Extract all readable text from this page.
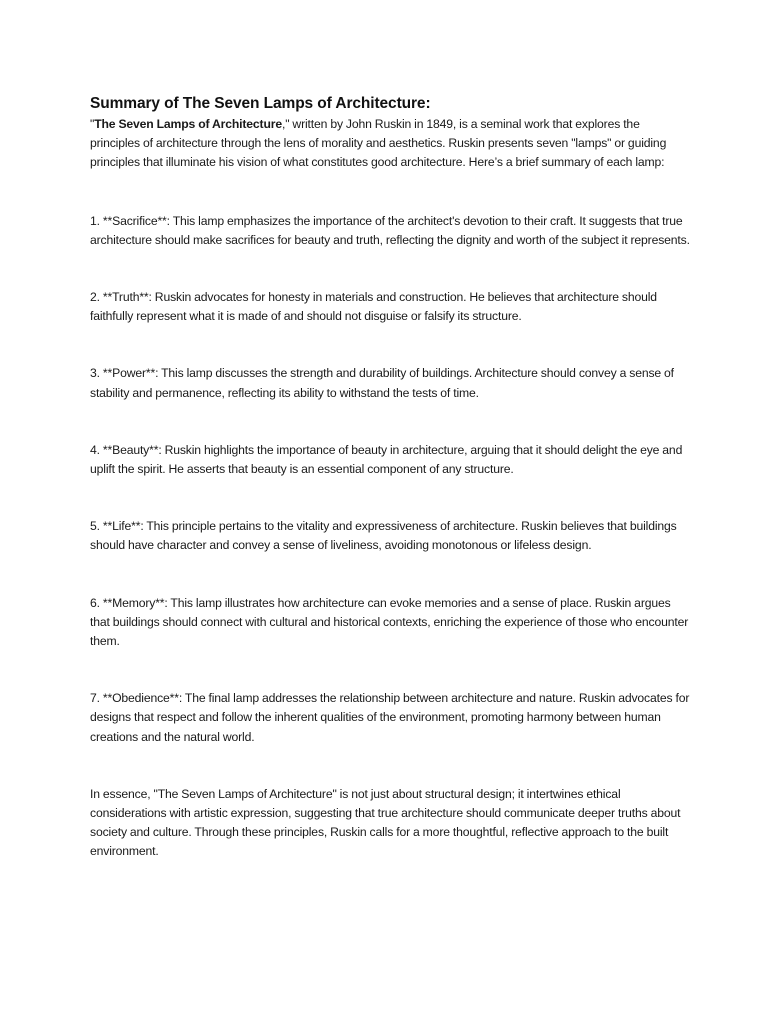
Summary of The Seven Lamps of Architecture:

"The Seven Lamps of Architecture," written by John Ruskin in 1849, is a seminal work that explores the principles of architecture through the lens of morality and aesthetics. Ruskin presents seven "lamps" or guiding principles that illuminate his vision of what constitutes good architecture. Here’s a brief summary of each lamp:

1. **Sacrifice**: This lamp emphasizes the importance of the architect's devotion to their craft. It suggests that true architecture should make sacrifices for beauty and truth, reflecting the dignity and worth of the subject it represents.

2. **Truth**: Ruskin advocates for honesty in materials and construction. He believes that architecture should faithfully represent what it is made of and should not disguise or falsify its structure.

3. **Power**: This lamp discusses the strength and durability of buildings. Architecture should convey a sense of stability and permanence, reflecting its ability to withstand the tests of time.

4. **Beauty**: Ruskin highlights the importance of beauty in architecture, arguing that it should delight the eye and uplift the spirit. He asserts that beauty is an essential component of any structure.

5. **Life**: This principle pertains to the vitality and expressiveness of architecture. Ruskin believes that buildings should have character and convey a sense of liveliness, avoiding monotonous or lifeless design.

6. **Memory**: This lamp illustrates how architecture can evoke memories and a sense of place. Ruskin argues that buildings should connect with cultural and historical contexts, enriching the experience of those who encounter them.

7. **Obedience**: The final lamp addresses the relationship between architecture and nature. Ruskin advocates for designs that respect and follow the inherent qualities of the environment, promoting harmony between human creations and the natural world.

In essence, "The Seven Lamps of Architecture" is not just about structural design; it intertwines ethical considerations with artistic expression, suggesting that true architecture should communicate deeper truths about society and culture. Through these principles, Ruskin calls for a more thoughtful, reflective approach to the built environment.
